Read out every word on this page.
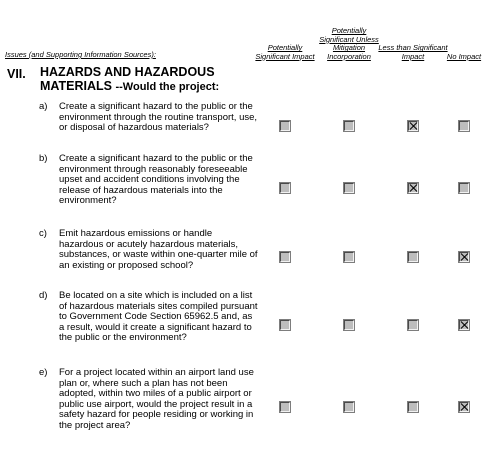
Potentially Significant Impact
Potentially Significant Unless Mitigation Incorporation
Less than Significant Impact	No Impact
Issues (and Supporting Information Sources):
VII. HAZARDS AND HAZARDOUS MATERIALS --Would the project:
a) Create a significant hazard to the public or the environment through the routine transport, use, or disposal of hazardous materials?
b) Create a significant hazard to the public or the environment through reasonably foreseeable upset and accident conditions involving the release of hazardous materials into the environment?
c) Emit hazardous emissions or handle hazardous or acutely hazardous materials, substances, or waste within one-quarter mile of an existing or proposed school?
d) Be located on a site which is included on a list of hazardous materials sites compiled pursuant to Government Code Section 65962.5 and, as a result, would it create a significant hazard to the public or the environment?
e) For a project located within an airport land use plan or, where such a plan has not been adopted, within two miles of a public airport or public use airport, would the project result in a safety hazard for people residing or working in the project area?
